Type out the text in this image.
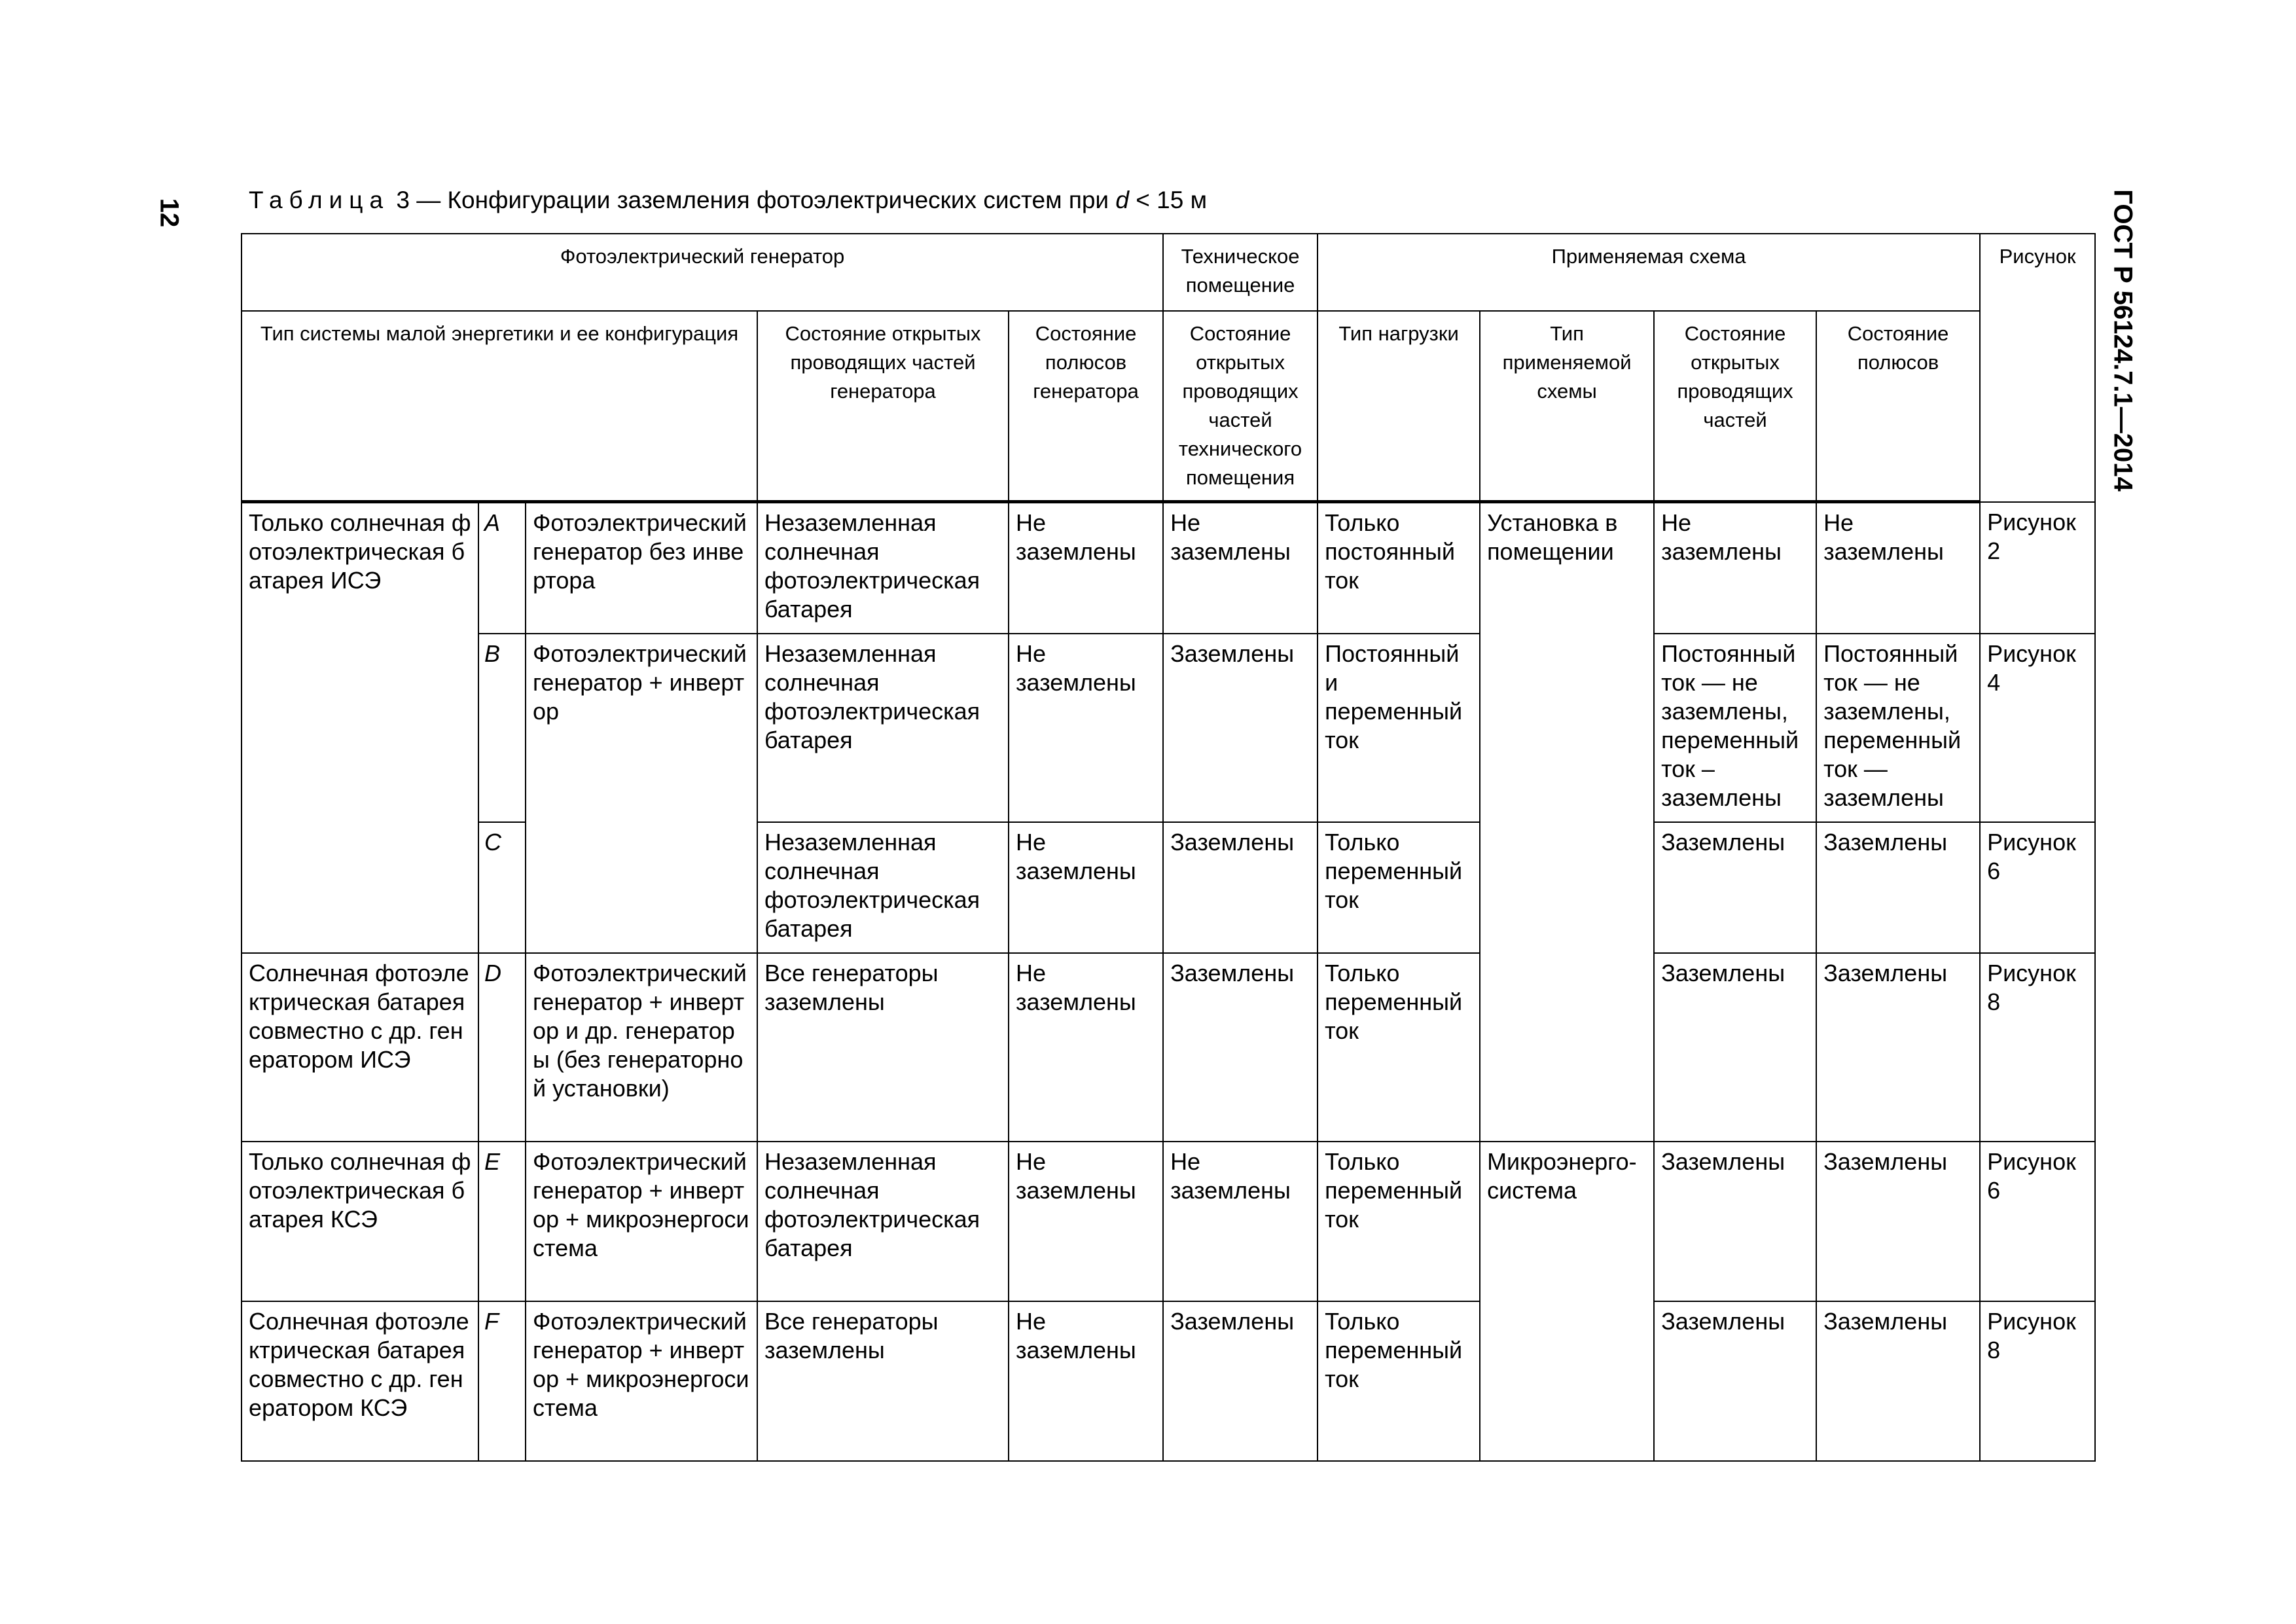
12	ГОСТ Р 56124.7.1—2014
Таблица 3 — Конфигурации заземления фотоэлектрических систем при d < 15 м
Фотоэлектрический генератор					Техническое помещение	Применяемая схема				Рисунок
Тип системы малой энергетики и ее конфигурация			Состояние открытых проводящих частей генератора	Состояние полюсов генератора	Состояние открытых проводящих частей технического помещения	Тип нагрузки	Тип применяемой схемы	Состояние открытых проводящих частей	Состояние полюсов	
Только солнечная фотоэлектрическая батарея ИСЭ	A	Фотоэлектрический генератор без инвертора	Незаземленная солнечная фотоэлектрическая батарея	Не заземлены	Не заземлены	Только постоянный ток	Установка в помещении	Не заземлены	Не заземлены	Рисунок 2
	B	Фотоэлектрический генератор + инвертор	Незаземленная солнечная фотоэлектрическая батарея	Не заземлены	Заземлены	Постоянный и переменный ток		Постоянный ток — не заземлены, переменный ток – заземлены	Постоянный ток — не заземлены, переменный ток — заземлены	Рисунок 4
	C		Незаземленная солнечная фотоэлектрическая батарея	Не заземлены	Заземлены	Только переменный ток		Заземлены	Заземлены	Рисунок 6
Солнечная фотоэлектрическая батарея совместно с др. генератором ИСЭ	D	Фотоэлектрический генератор + инвертор и др. генераторы (без генераторной установки)	Все генераторы заземлены	Не заземлены	Заземлены	Только переменный ток		Заземлены	Заземлены	Рисунок 8
Только солнечная фотоэлектрическая батарея КСЭ	E	Фотоэлектрический генератор + инвертор + микроэнергосистема	Незаземленная солнечная фотоэлектрическая батарея	Не заземлены	Не заземлены	Только переменный ток	Микроэнерго-система	Заземлены	Заземлены	Рисунок 6
Солнечная фотоэлектрическая батарея совместно с др. генератором КСЭ	F	Фотоэлектрический генератор + инвертор + микроэнергосистема	Все генераторы заземлены	Не заземлены	Заземлены	Только переменный ток		Заземлены	Заземлены	Рисунок 8
